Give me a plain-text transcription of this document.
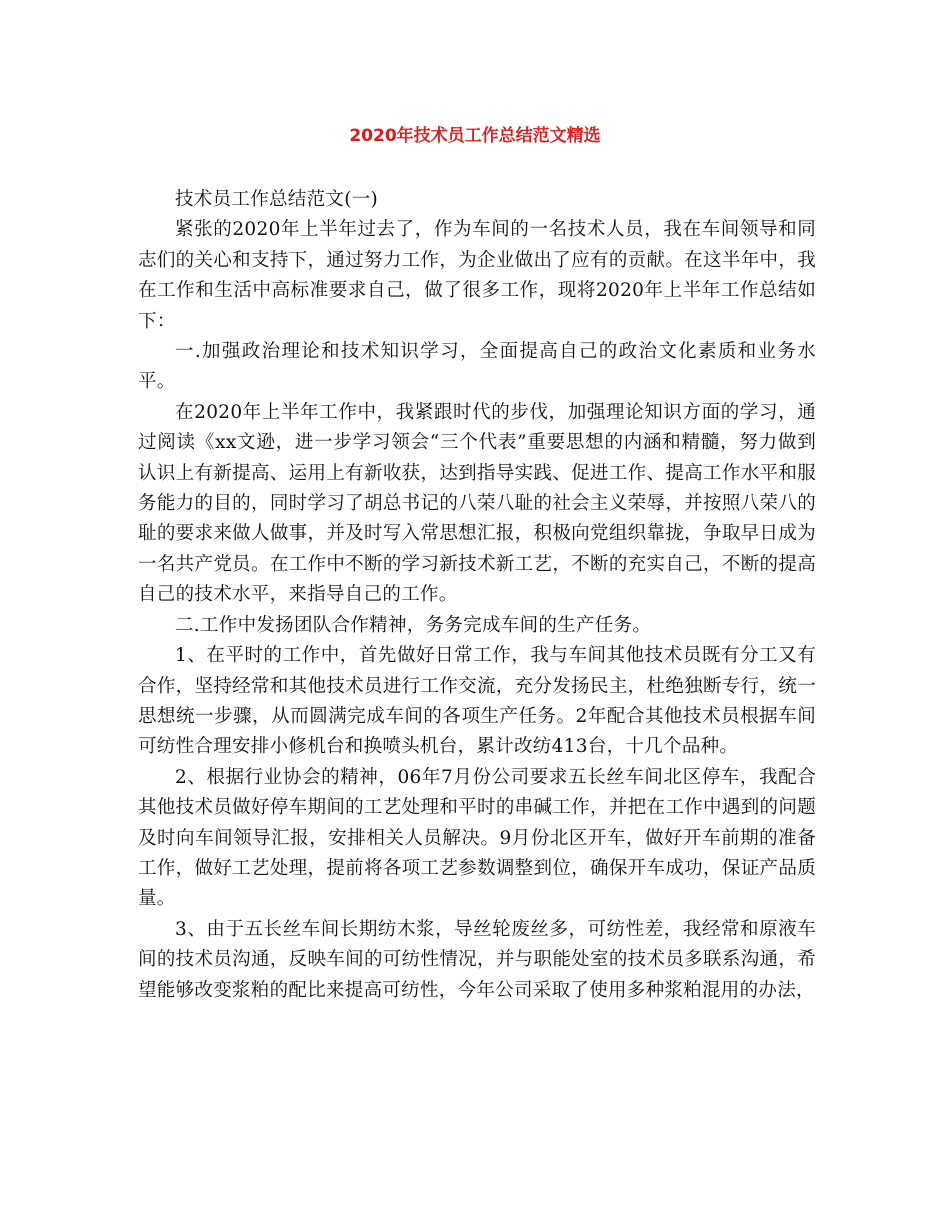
2020年技术员工作总结范文精选

技术员工作总结范文(一)

紧张的2020年上半年过去了，作为车间的一名技术人员，我在车间领导和同志们的关心和支持下，通过努力工作，为企业做出了应有的贡献。在这半年中，我在工作和生活中高标准要求自己，做了很多工作，现将2020年上半年工作总结如下：

一.加强政治理论和技术知识学习，全面提高自己的政治文化素质和业务水平。

在2020年上半年工作中，我紧跟时代的步伐，加强理论知识方面的学习，通过阅读《xx文逊，进一步学习领会“三个代表”重要思想的内涵和精髓，努力做到认识上有新提高、运用上有新收获，达到指导实践、促进工作、提高工作水平和服务能力的目的，同时学习了胡总书记的八荣八耻的社会主义荣辱，并按照八荣八的耻的要求来做人做事，并及时写入常思想汇报，积极向党组织靠拢，争取早日成为一名共产党员。在工作中不断的学习新技术新工艺，不断的充实自己，不断的提高自己的技术水平，来指导自己的工作。

二.工作中发扬团队合作精神，务务完成车间的生产任务。

1、在平时的工作中，首先做好日常工作，我与车间其他技术员既有分工又有合作，坚持经常和其他技术员进行工作交流，充分发扬民主，杜绝独断专行，统一思想统一步骤，从而圆满完成车间的各项生产任务。2年配合其他技术员根据车间可纺性合理安排小修机台和换喷头机台，累计改纺413台，十几个品种。

2、根据行业协会的精神，06年7月份公司要求五长丝车间北区停车，我配合其他技术员做好停车期间的工艺处理和平时的串碱工作，并把在工作中遇到的问题及时向车间领导汇报，安排相关人员解决。9月份北区开车，做好开车前期的准备工作，做好工艺处理，提前将各项工艺参数调整到位，确保开车成功，保证产品质量。

3、由于五长丝车间长期纺木浆，导丝轮废丝多，可纺性差，我经常和原液车间的技术员沟通，反映车间的可纺性情况，并与职能处室的技术员多联系沟通，希望能够改变浆粕的配比来提高可纺性，今年公司采取了使用多种浆粕混用的办法，
